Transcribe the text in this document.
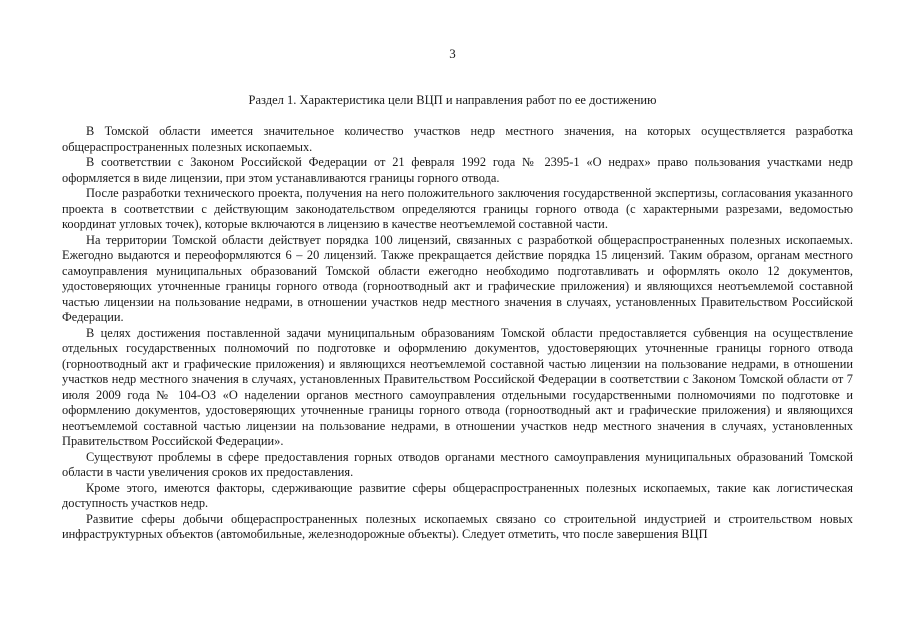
3
Раздел 1. Характеристика цели ВЦП и направления работ по ее достижению

В Томской области имеется значительное количество участков недр местного значения, на которых осуществляется разработка общераспространенных полезных ископаемых.

В соответствии с Законом Российской Федерации от 21 февраля 1992 года № 2395-1 «О недрах» право пользования участками недр оформляется в виде лицензии, при этом устанавливаются границы горного отвода.

После разработки технического проекта, получения на него положительного заключения государственной экспертизы, согласования указанного проекта в соответствии с действующим законодательством определяются границы горного отвода (с характерными разрезами, ведомостью координат угловых точек), которые включаются в лицензию в качестве неотъемлемой составной части.

На территории Томской области действует порядка 100 лицензий, связанных с разработкой общераспространенных полезных ископаемых. Ежегодно выдаются и переоформляются 6 – 20 лицензий. Также прекращается действие порядка 15 лицензий. Таким образом, органам местного самоуправления муниципальных образований Томской области ежегодно необходимо подготавливать и оформлять около 12 документов, удостоверяющих уточненные границы горного отвода (горноотводный акт и графические приложения) и являющихся неотъемлемой составной частью лицензии на пользование недрами, в отношении участков недр местного значения в случаях, установленных Правительством Российской Федерации.

В целях достижения поставленной задачи муниципальным образованиям Томской области предоставляется субвенция на осуществление отдельных государственных полномочий по подготовке и оформлению документов, удостоверяющих уточненные границы горного отвода (горноотводный акт и графические приложения) и являющихся неотъемлемой составной частью лицензии на пользование недрами, в отношении участков недр местного значения в случаях, установленных Правительством Российской Федерации в соответствии с Законом Томской области от 7 июля 2009 года № 104-ОЗ «О наделении органов местного самоуправления отдельными государственными полномочиями по подготовке и оформлению документов, удостоверяющих уточненные границы горного отвода (горноотводный акт и графические приложения) и являющихся неотъемлемой составной частью лицензии на пользование недрами, в отношении участков недр местного значения в случаях, установленных Правительством Российской Федерации».

Существуют проблемы в сфере предоставления горных отводов органами местного самоуправления муниципальных образований Томской области в части увеличения сроков их предоставления.

Кроме этого, имеются факторы, сдерживающие развитие сферы общераспространенных полезных ископаемых, такие как логистическая доступность участков недр.

Развитие сферы добычи общераспространенных полезных ископаемых связано со строительной индустрией и строительством новых инфраструктурных объектов (автомобильные, железнодорожные объекты). Следует отметить, что после завершения ВЦП
